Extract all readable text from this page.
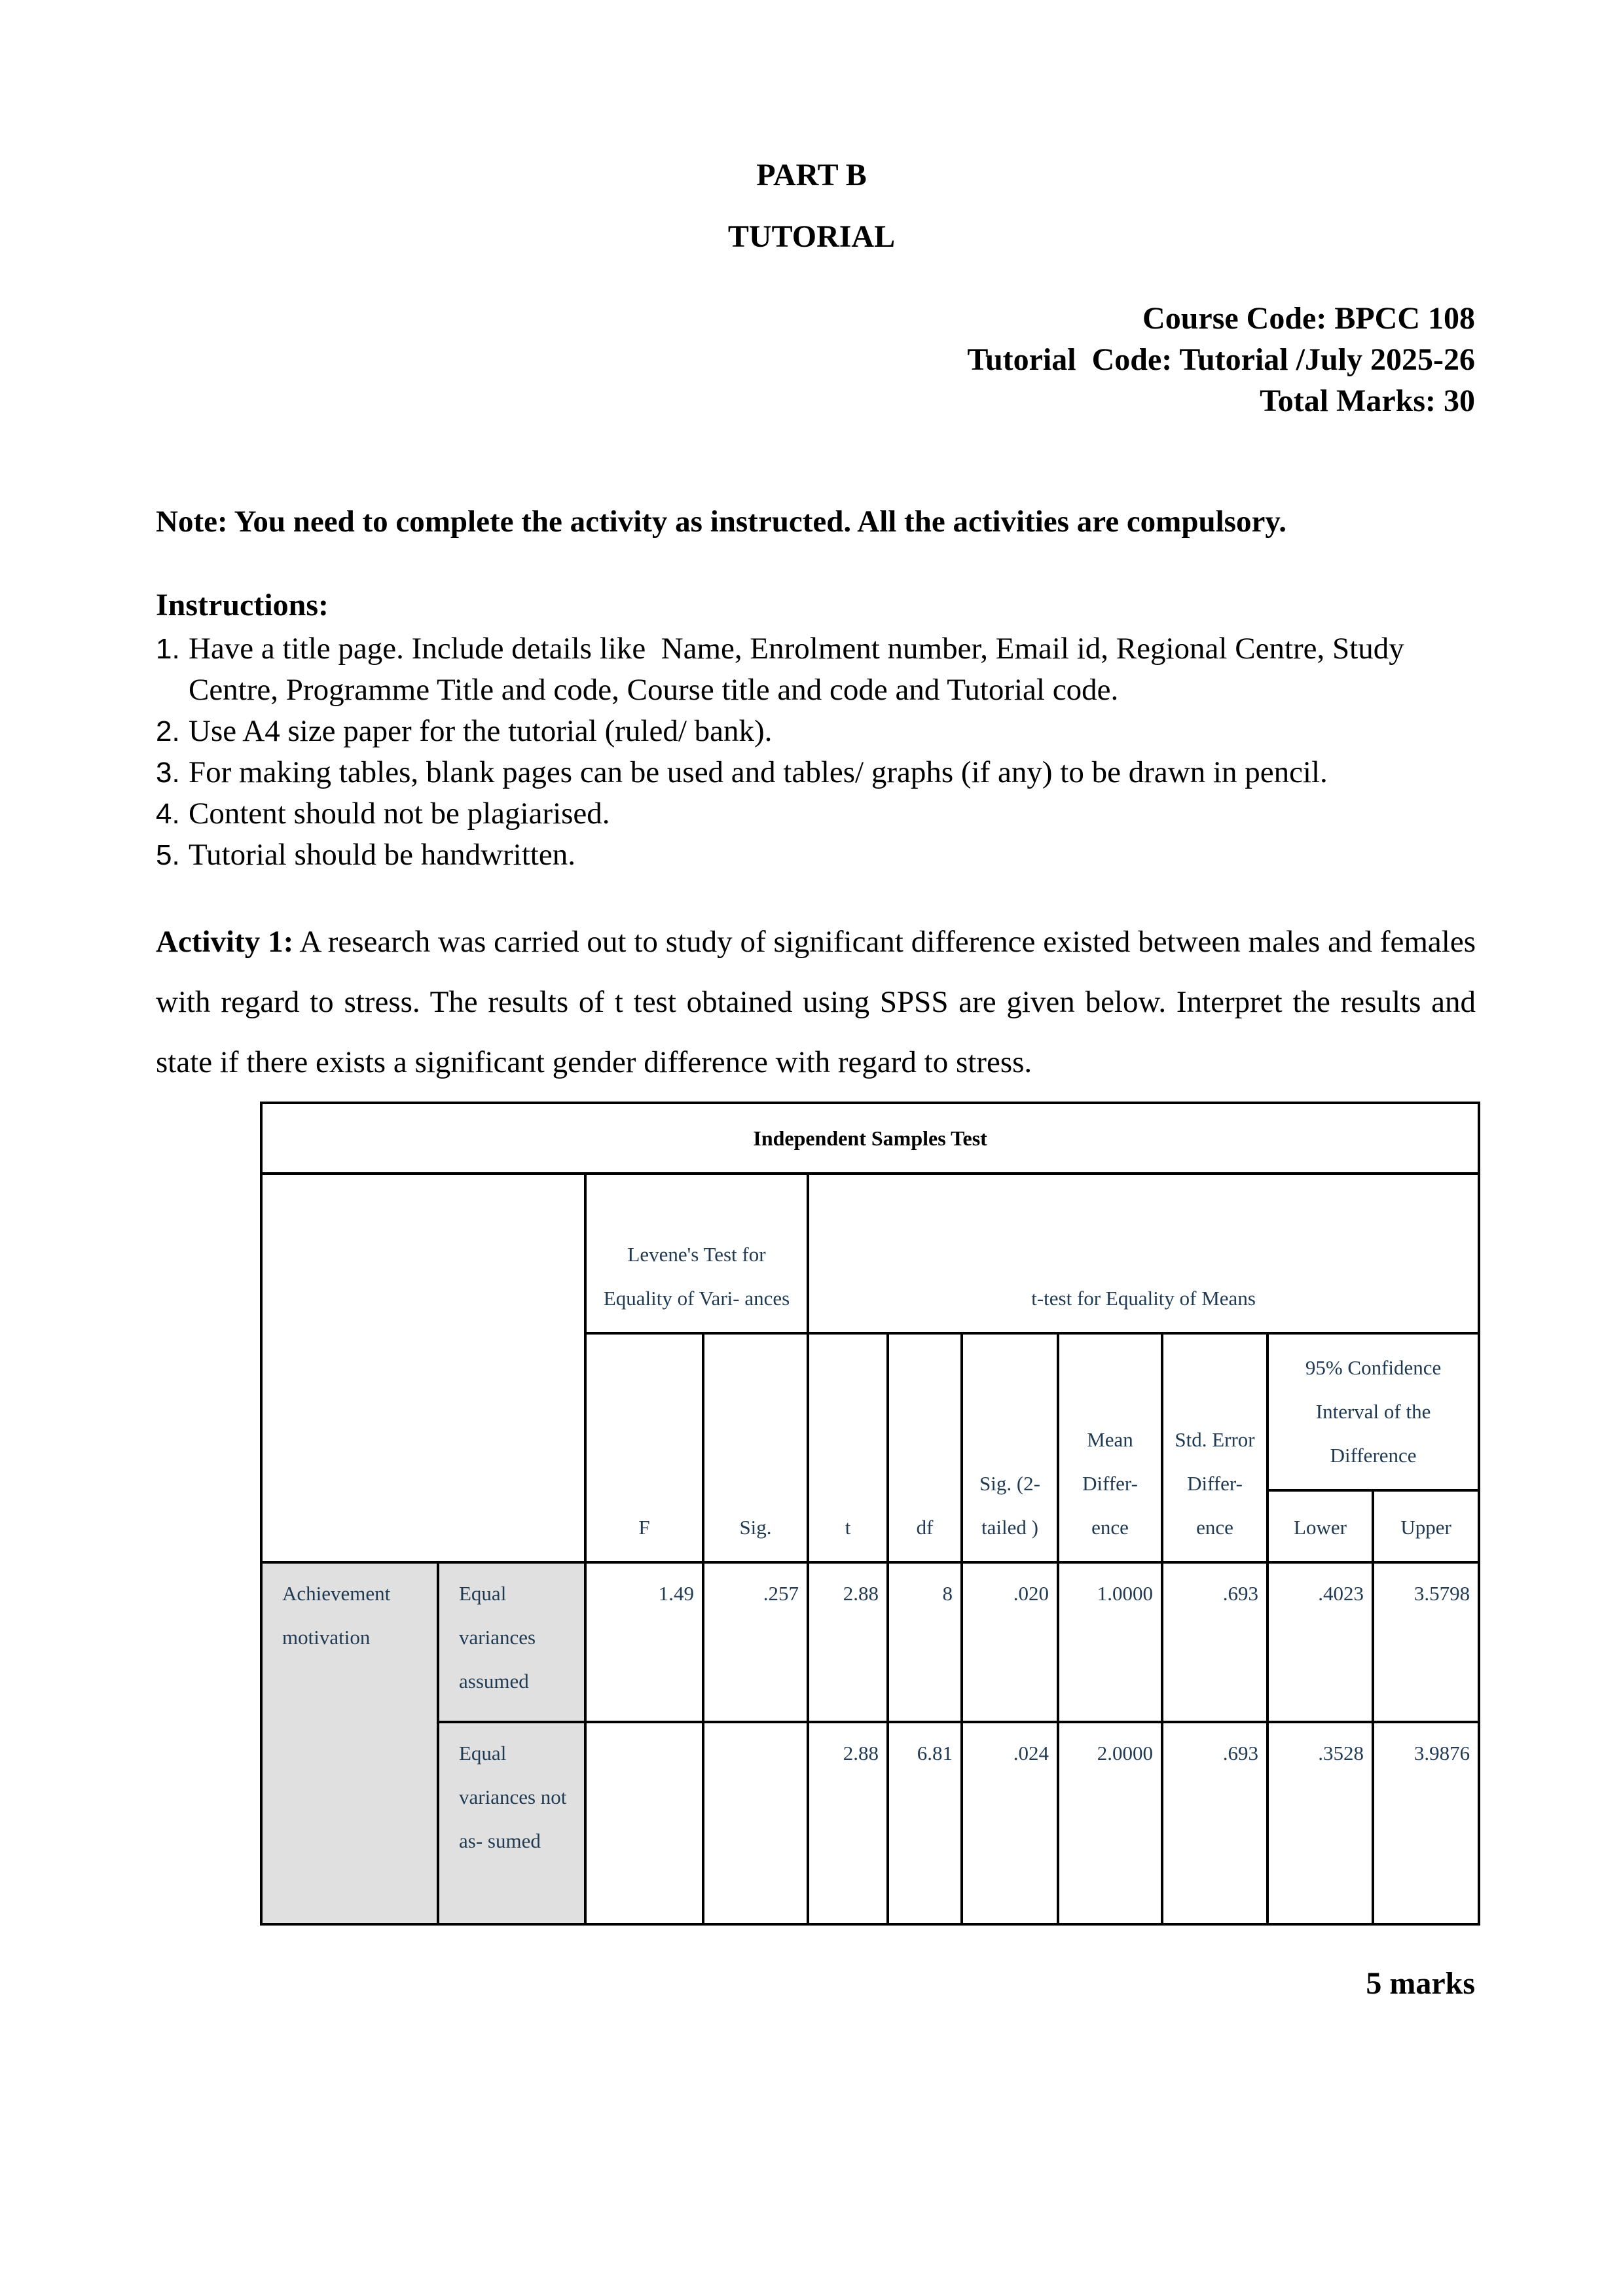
PART B
TUTORIAL
Course Code: BPCC 108
Tutorial  Code: Tutorial /July 2025-26
Total Marks: 30
Note: You need to complete the activity as instructed. All the activities are compulsory.
Instructions:
1. Have a title page. Include details like  Name, Enrolment number, Email id, Regional Centre, Study Centre, Programme Title and code, Course title and code and Tutorial code.
2. Use A4 size paper for the tutorial (ruled/ bank).
3. For making tables, blank pages can be used and tables/ graphs (if any) to be drawn in pencil.
4. Content should not be plagiarised.
5. Tutorial should be handwritten.
Activity 1: A research was carried out to study of significant difference existed between males and females with regard to stress. The results of t test obtained using SPSS are given below. Interpret the results and state if there exists a significant gender difference with regard to stress.
Independent Samples Test										
		Levene's Test for Equality of Vari- ances		t-test for Equality of Means						
		F	Sig.	t	df	Sig. (2- tailed )	Mean Differ- ence	Std. Error Differ- ence	95% Confidence Interval of the Difference	
									Lower	Upper
Achievement motivation	Equal variances assumed	1.49	.257	2.88	8	.020	1.0000	.693	.4023	3.5798
	Equal variances not as- sumed			2.88	6.81	.024	2.0000	.693	.3528	3.9876
5 marks
